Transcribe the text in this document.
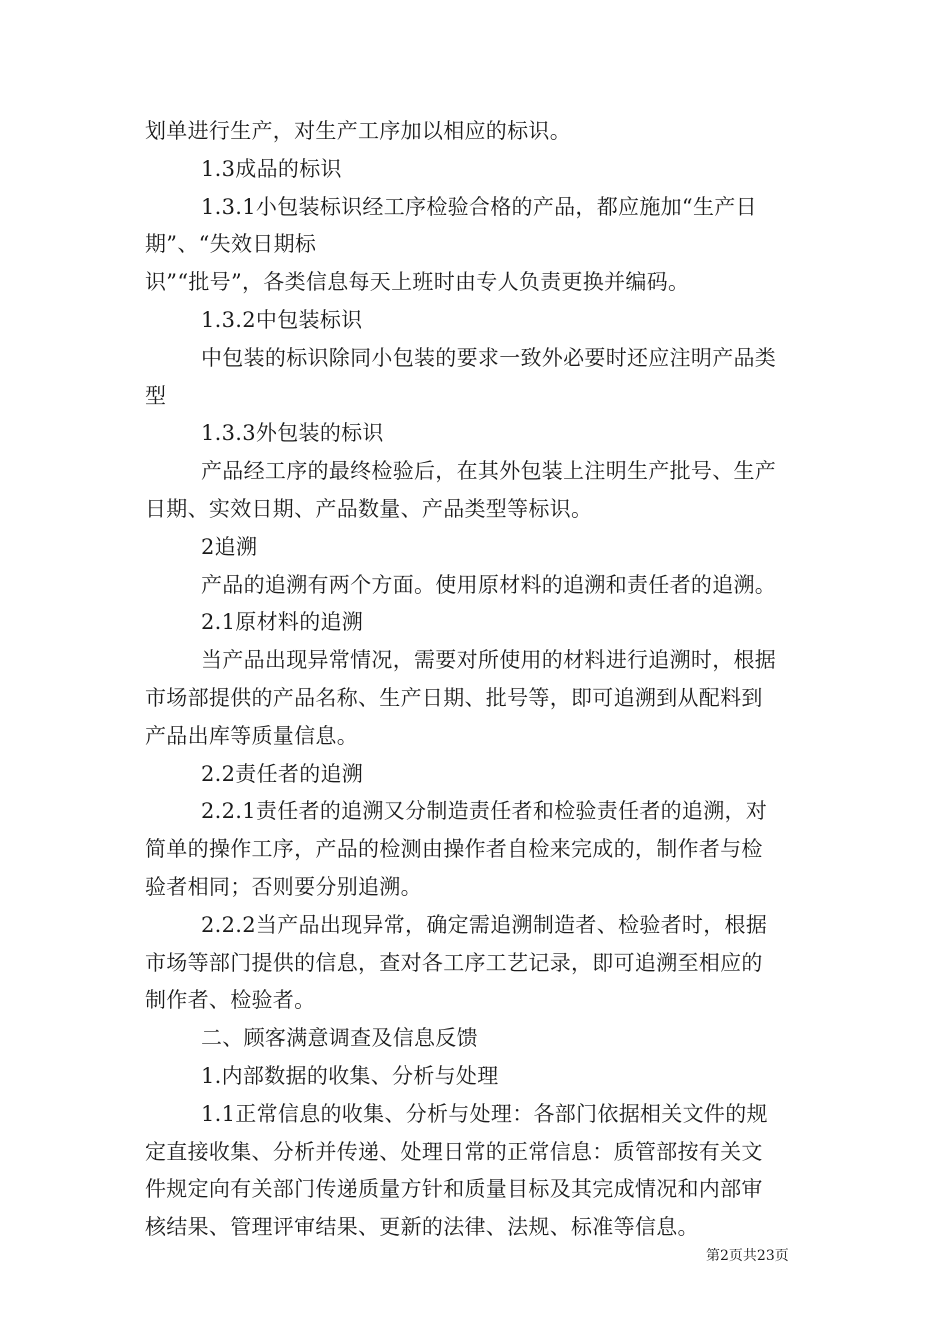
划单进行生产，对生产工序加以相应的标识。
1.3成品的标识
1.3.1小包装标识经工序检验合格的产品，都应施加“生产日
期”、“失效日期标
识”“批号”，各类信息每天上班时由专人负责更换并编码。
1.3.2中包装标识
中包装的标识除同小包装的要求一致外必要时还应注明产品类
型
1.3.3外包装的标识
产品经工序的最终检验后，在其外包装上注明生产批号、生产
日期、实效日期、产品数量、产品类型等标识。
2追溯
产品的追溯有两个方面。使用原材料的追溯和责任者的追溯。
2.1原材料的追溯
当产品出现异常情况，需要对所使用的材料进行追溯时，根据
市场部提供的产品名称、生产日期、批号等，即可追溯到从配料到
产品出库等质量信息。
2.2责任者的追溯
2.2.1责任者的追溯又分制造责任者和检验责任者的追溯，对
简单的操作工序，产品的检测由操作者自检来完成的，制作者与检
验者相同；否则要分别追溯。
2.2.2当产品出现异常，确定需追溯制造者、检验者时，根据
市场等部门提供的信息，查对各工序工艺记录，即可追溯至相应的
制作者、检验者。
二、顾客满意调查及信息反馈
1.内部数据的收集、分析与处理
1.1正常信息的收集、分析与处理：各部门依据相关文件的规
定直接收集、分析并传递、处理日常的正常信息：质管部按有关文
件规定向有关部门传递质量方针和质量目标及其完成情况和内部审
核结果、管理评审结果、更新的法律、法规、标准等信息。
第2页共23页
